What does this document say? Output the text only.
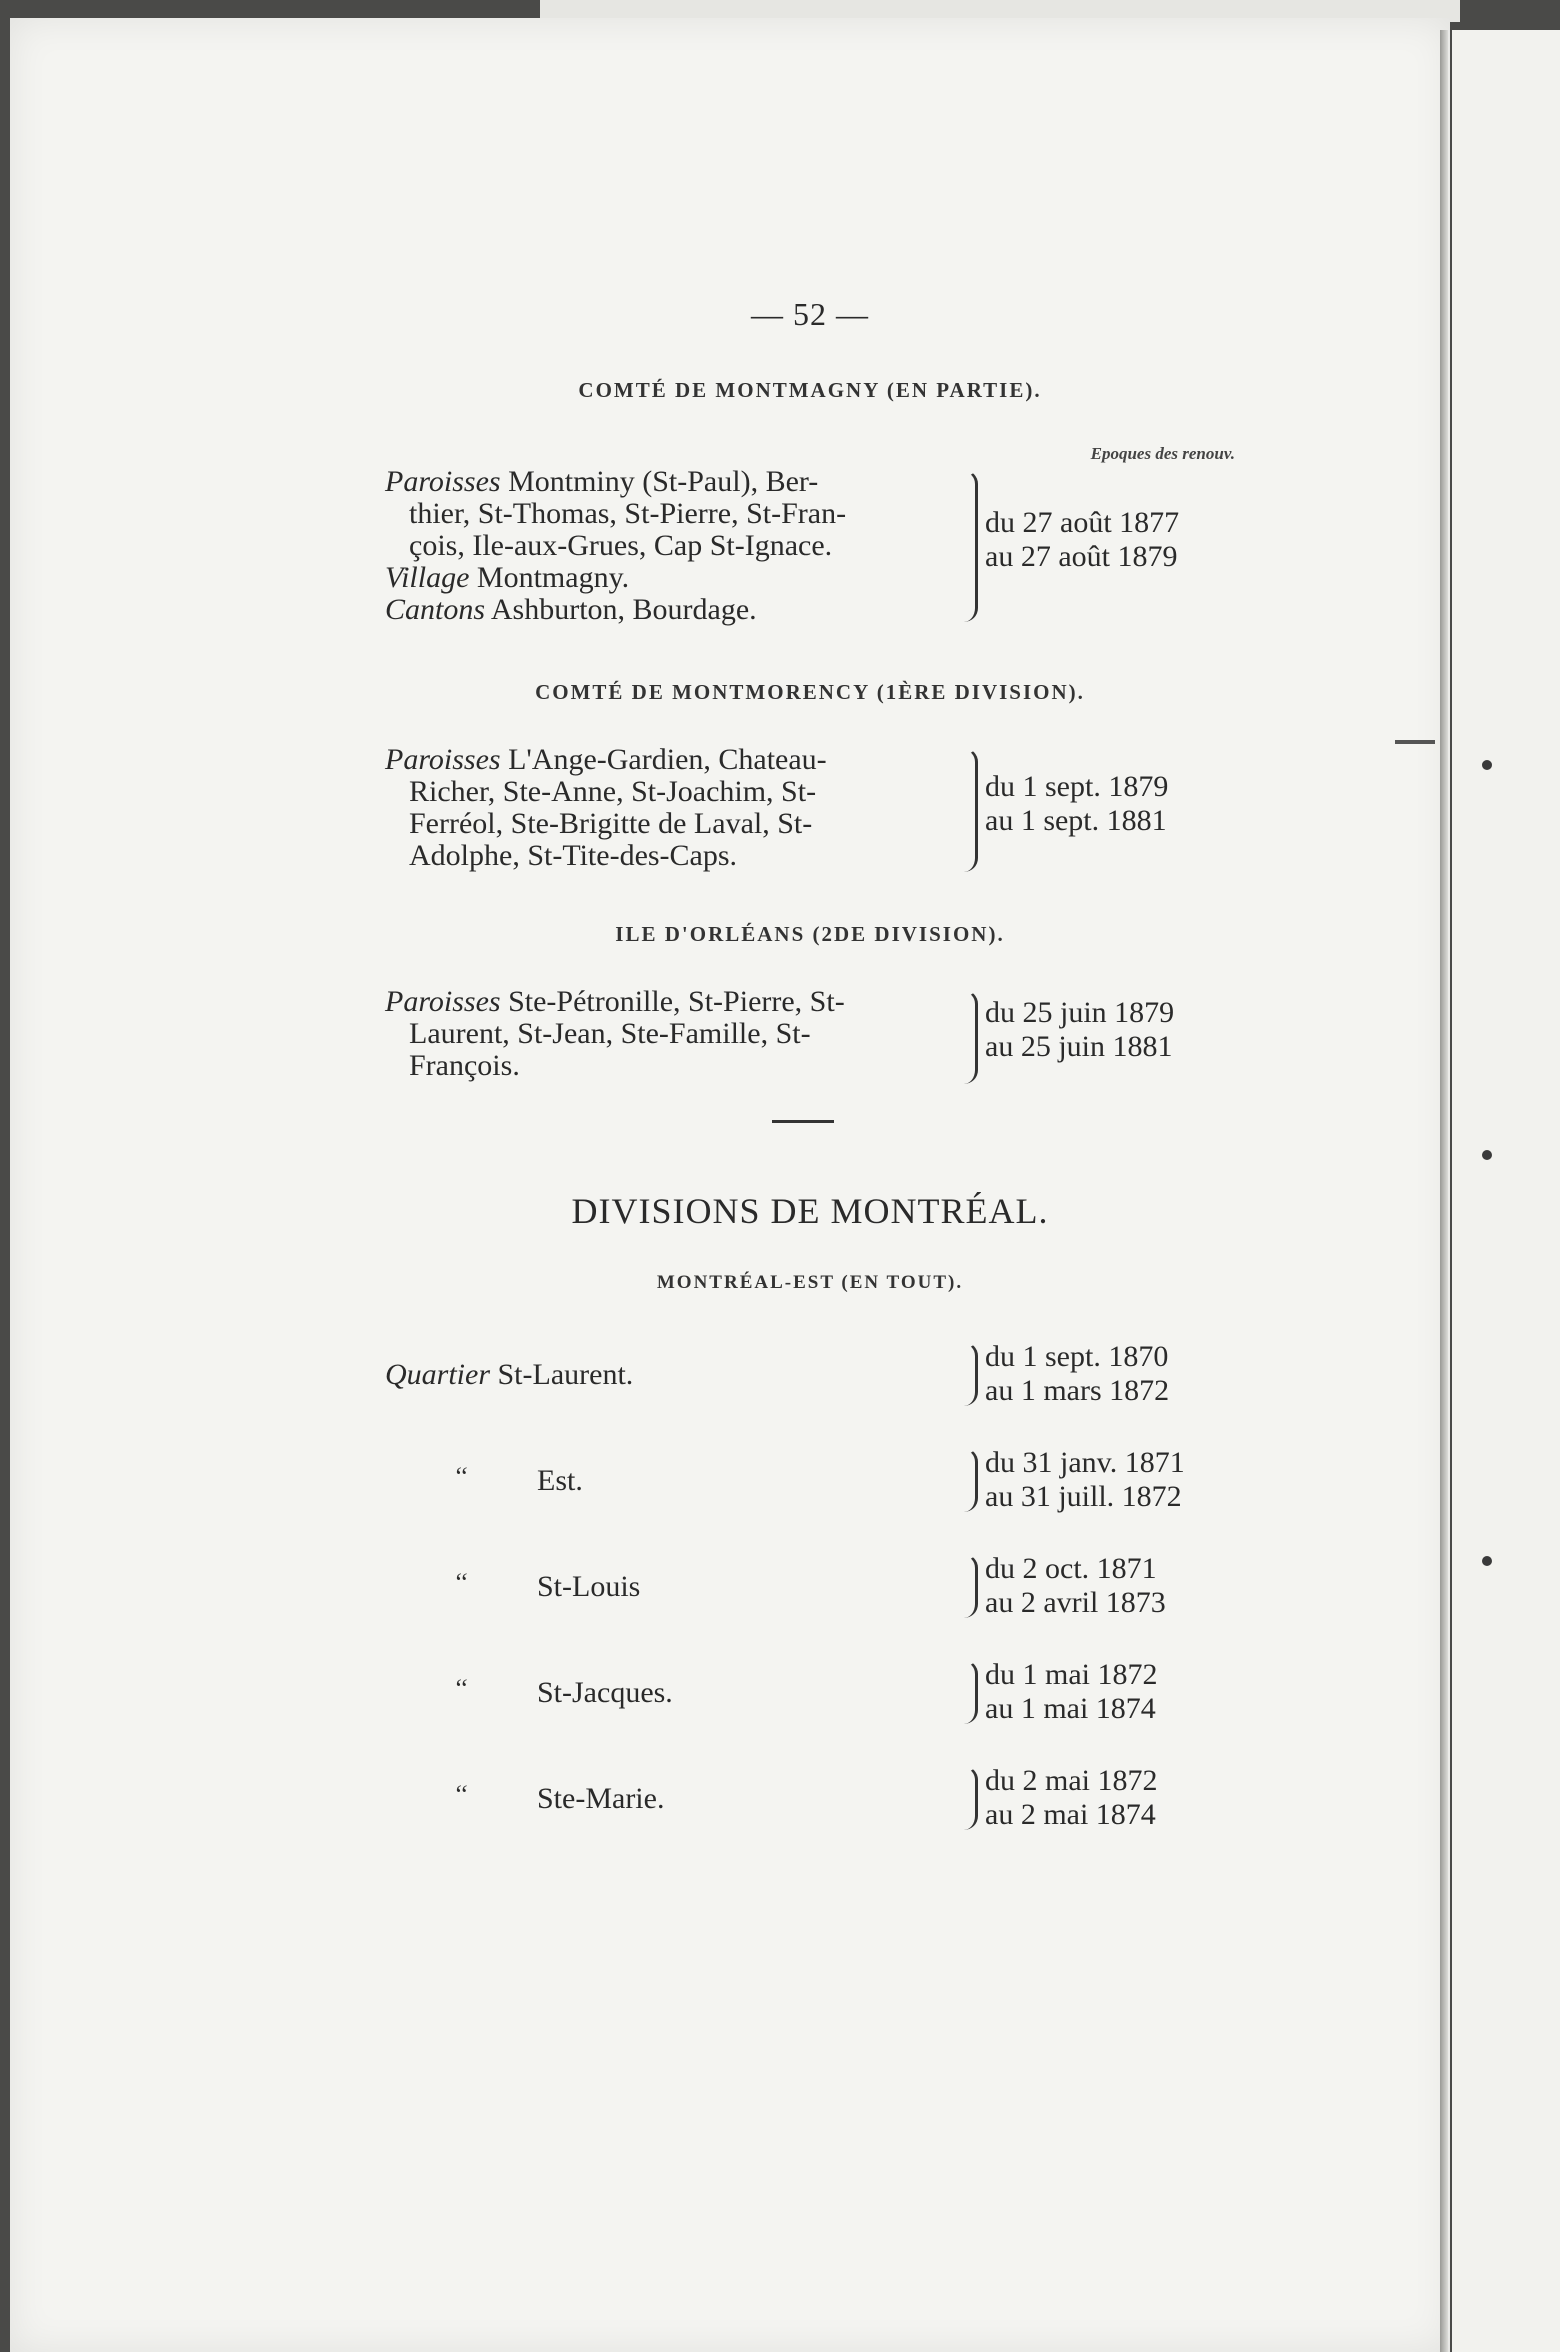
— 52 —
COMTÉ DE MONTMAGNY (EN PARTIE).
Epoques des renouv.
Paroisses Montminy (St-Paul), Ber-
thier, St-Thomas, St-Pierre, St-Fran-
çois, Ile-aux-Grues, Cap St-Ignace.
Village Montmagny.
Cantons Ashburton, Bourdage.
du 27 août 1877
au 27 août 1879
COMTÉ DE MONTMORENCY (1ÈRE DIVISION).
Paroisses L'Ange-Gardien, Chateau-
Richer, Ste-Anne, St-Joachim, St-
Ferréol, Ste-Brigitte de Laval, St-
Adolphe, St-Tite-des-Caps.
du 1 sept. 1879
au 1 sept. 1881
ILE D'ORLÉANS (2DE DIVISION).
Paroisses Ste-Pétronille, St-Pierre, St-
Laurent, St-Jean, Ste-Famille, St-
François.
du 25 juin 1879
au 25 juin 1881
DIVISIONS DE MONTRÉAL.
MONTRÉAL-EST (EN TOUT).
Quartier St-Laurent.
du 1 sept. 1870
au 1 mars 1872
‘‘ Est.
du 31 janv. 1871
au 31 juill. 1872
‘‘ St-Louis
du 2 oct. 1871
au 2 avril 1873
‘‘ St-Jacques.
du 1 mai 1872
au 1 mai 1874
‘‘ Ste-Marie.
du 2 mai 1872
au 2 mai 1874
